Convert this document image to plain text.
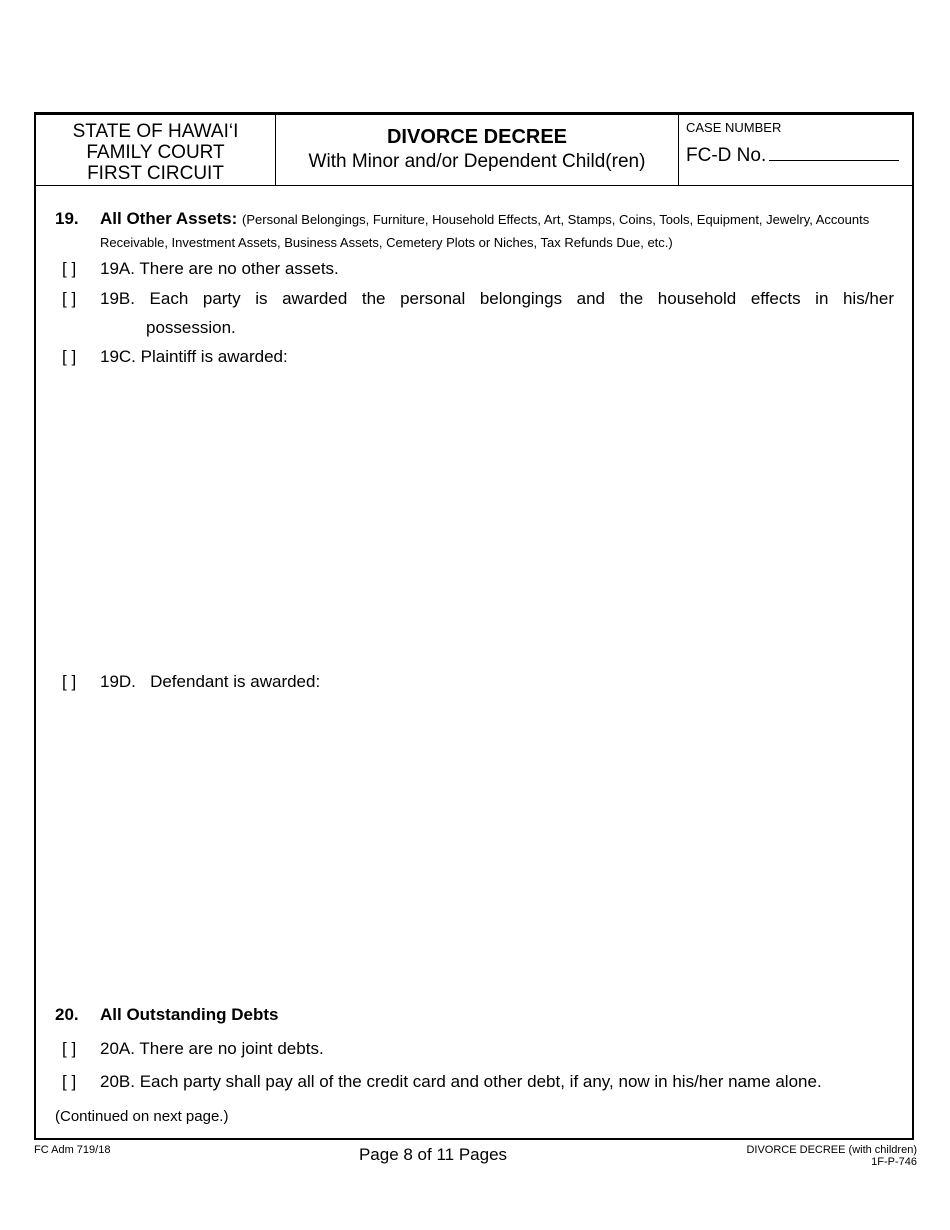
STATE OF HAWAI‘I
FAMILY COURT
FIRST CIRCUIT
DIVORCE DECREE
With Minor and/or Dependent Child(ren)
CASE NUMBER
FC-D No.
19. All Other Assets: (Personal Belongings, Furniture, Household Effects, Art, Stamps, Coins, Tools, Equipment, Jewelry, Accounts
Receivable, Investment Assets, Business Assets, Cemetery Plots or Niches, Tax Refunds Due, etc.)
[ ] 19A. There are no other assets.
[ ]	19B. Each party is awarded the personal belongings and the household effects in his/her
possession.
[ ] 19C. Plaintiff is awarded:
[ ] 19D.   Defendant is awarded:
20. All Outstanding Debts
[ ] 20A. There are no joint debts.
[ ] 20B. Each party shall pay all of the credit card and other debt, if any, now in his/her name alone.
(Continued on next page.)
FC Adm 719/18	Page 8 of 11 Pages	DIVORCE DECREE (with children)
1F-P-746
